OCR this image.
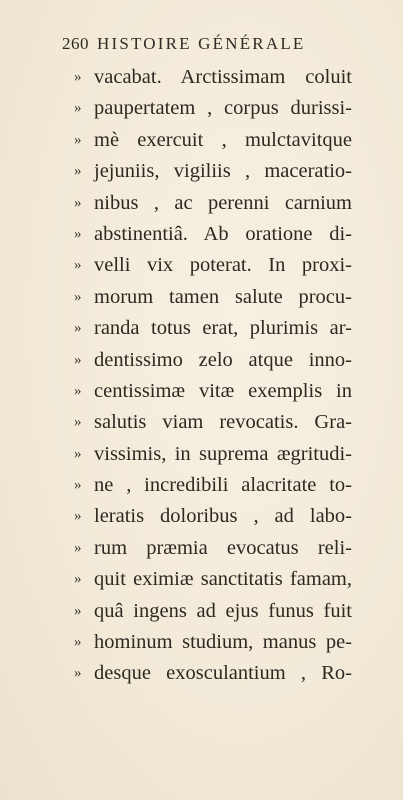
260 HISTOIRE GÉNÉRALE
» vacabat. Arctissimam coluit
» paupertatem , corpus durissi-
» mè exercuit , mulctavitque
» jejuniis, vigiliis , maceratio-
» nibus , ac perenni carnium
» abstinentiâ. Ab oratione di-
» velli vix poterat. In proxi-
» morum tamen salute procu-
» randa totus erat, plurimis ar-
» dentissimo zelo atque inno-
» centissimæ vitæ exemplis in
» salutis viam revocatis. Gra-
» vissimis, in suprema ægritudi-
» ne , incredibili alacritate to-
» leratis doloribus , ad labo-
» rum præmia evocatus reli-
» quit eximiæ sanctitatis famam,
» quâ ingens ad ejus funus fuit
» hominum studium, manus pe-
» desque exosculantium , Ro-
